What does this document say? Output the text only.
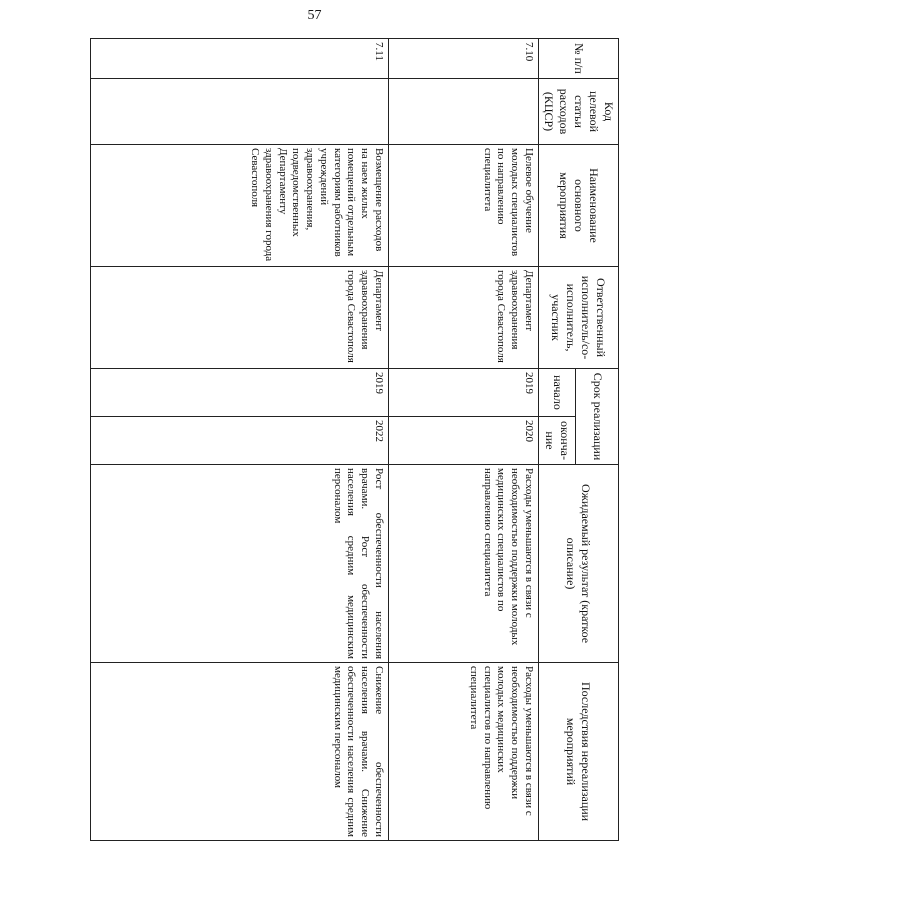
57
№ п/п	Код целевой статьи расходов (КЦСР)	Наименование основного мероприятия	Ответственный исполнитель/со-исполнитель, участник	Срок реализации		Ожидаемый результат (краткое описание)	Последствия нереализации мероприятий
				начало	оконча-ние		
7.10		Целевое обучение молодых специалистов по направлению специалитета	Департамент здравоохранения города Севастополя	2019	2020	Расходы уменьшаются в связи с необходимостью поддержки молодых медицинских специалистов по направлению специалитета	Расходы уменьшаются в связи с необходимостью поддержки молодых медицинских специалистов по направлению специалитета
7.11		Возмещение расходов на наем жилых помещений отдельным категориям работников учреждений здравоохранения, подведомственных Департаменту здравоохранения города Севастополя	Департамент здравоохранения города Севастополя	2019	2022	Рост обеспеченности населения врачами. Рост обеспеченности населения средним медицинским персоналом	Снижение обеспеченности населения врачами. Снижение обеспеченности населения средним медицинским персоналом
